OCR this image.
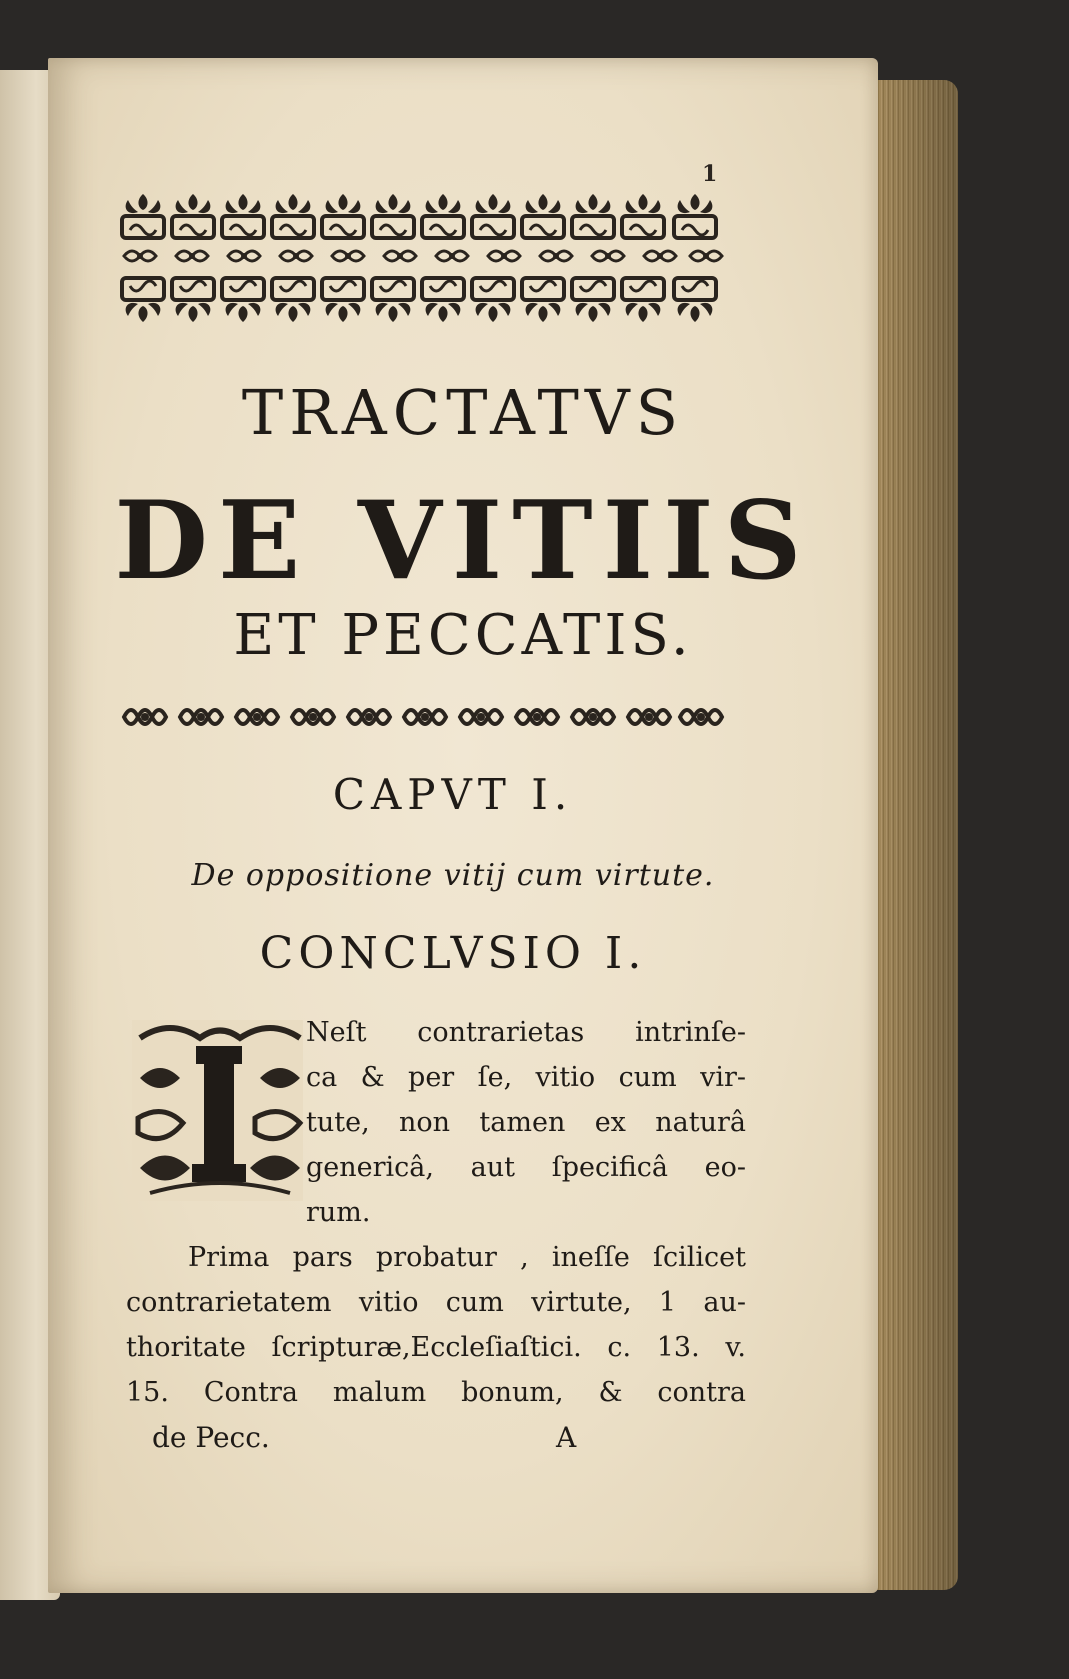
1
TRACTATVS
DE VITIIS
ET PECCATIS.
CAPVT I.
De oppositione vitij cum virtute.
CONCLVSIO I.
Neſt contrarietas intrinſe-
ca & per ſe, vitio cum vir-
tute, non tamen ex naturâ
genericâ, aut ſpecificâ eo-
rum.
Prima pars probatur , ineſſe ſcilicet
contrarietatem vitio cum virtute, 1 au-
thoritate ſcripturæ,Eccleſiaſtici. c. 13. v.
15. Contra malum bonum, & contra
de Pecc.	A
